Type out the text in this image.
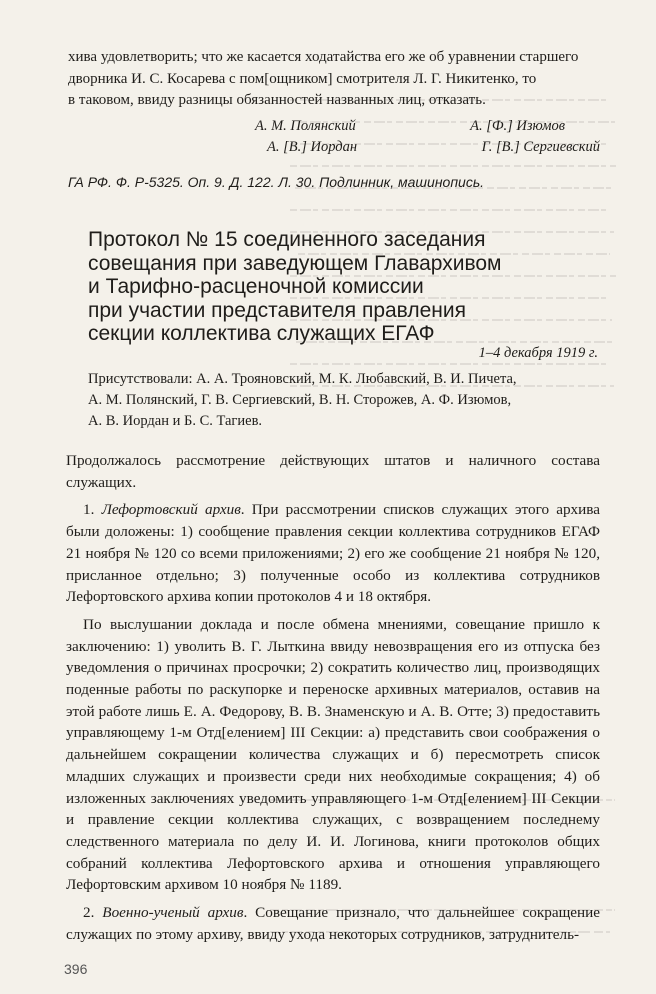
хива удовлетворить; что же касается ходатайства его же об уравнении старшего

дворника И. С. Косарева с пом[ощником] смотрителя Л. Г. Никитенко, то

в таковом, ввиду разницы обязанностей названных лиц, отказать.

А. М. Полянский	А. [Ф.] Изюмов
А. [В.] Иордан	Г. [В.] Сергиевский
ГА РФ. Ф. Р-5325. Оп. 9. Д. 122. Л. 30. Подлинник, машинопись.
Протокол № 15 соединенного заседания
совещания при заведующем Главархивом
и Тарифно-расценочной комиссии
при участии представителя правления
секции коллектива служащих ЕГАФ
1–4 декабря 1919 г.
Присутствовали: А. А. Трояновский, М. К. Любавский, В. И. Пичета,
А. М. Полянский, Г. В. Сергиевский, В. Н. Сторожев, А. Ф. Изюмов,
А. В. Иордан и Б. С. Тагиев.

Продолжалось рассмотрение действующих штатов и наличного состава служащих.

1. Лефортовский архив. При рассмотрении списков служащих этого архива были доложены: 1) сообщение правления секции коллектива сотрудников ЕГАФ 21 ноября № 120 со всеми приложениями; 2) его же сообщение 21 ноября № 120, присланное отдельно; 3) полученные особо из коллектива сотрудников Лефортовского архива копии протоколов 4 и 18 октября.

По выслушании доклада и после обмена мнениями, совещание пришло к заключению: 1) уволить В. Г. Лыткина ввиду невозвращения его из отпуска без уведомления о причинах просрочки; 2) сократить количество лиц, производящих поденные работы по раскупорке и переноске архивных материалов, оставив на этой работе лишь Е. А. Федорову, В. В. Знаменскую и А. В. Отте; 3) предоставить управляющему 1-м Отд[елением] III Секции: а) представить свои соображения о дальнейшем сокращении количества служащих и б) пересмотреть список младших служащих и произвести среди них необходимые сокращения; 4) об изложенных заключениях уведомить управляющего 1-м Отд[елением] III Секции и правление секции коллектива служащих, с возвращением последнему следственного материала по делу И. И. Логинова, книги протоколов общих собраний коллектива Лефортовского архива и отношения управляющего Лефортовским архивом 10 ноября № 1189.

2. Военно-ученый архив. Совещание признало, что дальнейшее сокращение служащих по этому архиву, ввиду ухода некоторых сотрудников, затруднитель-

396
